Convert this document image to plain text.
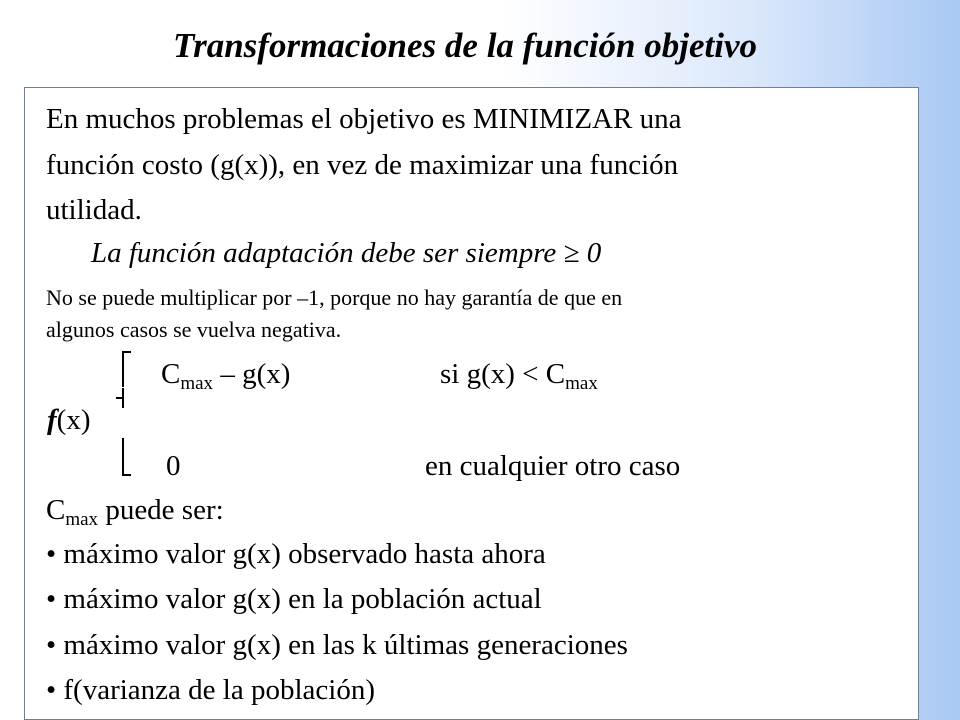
Transformaciones de la función objetivo
En muchos problemas el objetivo es MINIMIZAR una
función costo (g(x)), en vez de maximizar una función
utilidad.
La función adaptación debe ser siempre ≥ 0
No se puede multiplicar por –1, porque no hay garantía de que en
algunos casos se vuelva negativa.
$C_{max} - g(x)$	si $g(x) < C_{max}$
f(x)
0	en cualquier otro caso
$C_{max}$ puede ser:
• máximo valor g(x) observado hasta ahora
• máximo valor g(x) en la población actual
• máximo valor g(x) en las k últimas generaciones
• f(varianza de la población)
